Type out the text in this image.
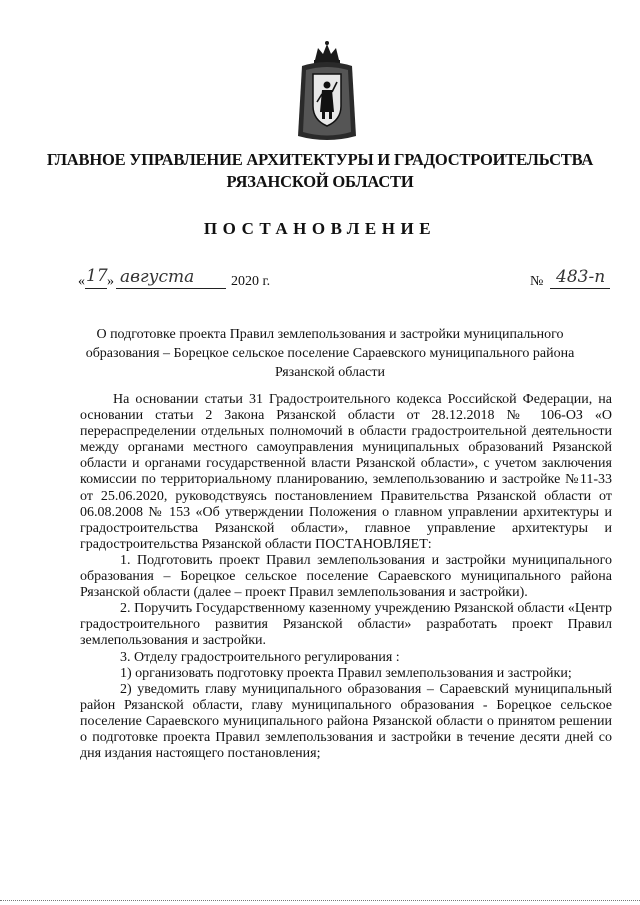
ГЛАВНОЕ УПРАВЛЕНИЕ АРХИТЕКТУРЫ И ГРАДОСТРОИТЕЛЬСТВА
РЯЗАНСКОЙ ОБЛАСТИ
ПОСТАНОВЛЕНИЕ
« 17 » августа	2020 г.	№ 483-п
О подготовке проекта Правил землепользования и застройки муниципального
образования – Борецкое сельское поселение Сараевского муниципального района
Рязанской области

На основании статьи 31 Градостроительного кодекса Российской Федерации, на основании статьи 2 Закона Рязанской области от 28.12.2018 № 106-ОЗ «О перераспределении отдельных полномочий в области градостроительной деятельности между органами местного самоуправления муниципальных образований Рязанской области и органами государственной власти Рязанской области», с учетом заключения комиссии по территориальному планированию, землепользованию и застройке №11-33 от 25.06.2020, руководствуясь постановлением Правительства Рязанской области от 06.08.2008 № 153 «Об утверждении Положения о главном управлении архитектуры и градостроительства Рязанской области», главное управление архитектуры и градостроительства Рязанской области ПОСТАНОВЛЯЕТ:

1. Подготовить проект Правил землепользования и застройки муниципального образования – Борецкое сельское поселение Сараевского муниципального района Рязанской области (далее – проект Правил землепользования и застройки).

2. Поручить Государственному казенному учреждению Рязанской области «Центр градостроительного развития Рязанской области» разработать проект Правил землепользования и застройки.

3. Отделу градостроительного регулирования :

1) организовать подготовку проекта Правил землепользования и застройки;

2) уведомить главу муниципального образования – Сараевский муниципальный район Рязанской области, главу муниципального образования - Борецкое сельское поселение Сараевского муниципального района Рязанской области о принятом решении о подготовке проекта Правил землепользования и застройки в течение десяти дней со дня издания настоящего постановления;
